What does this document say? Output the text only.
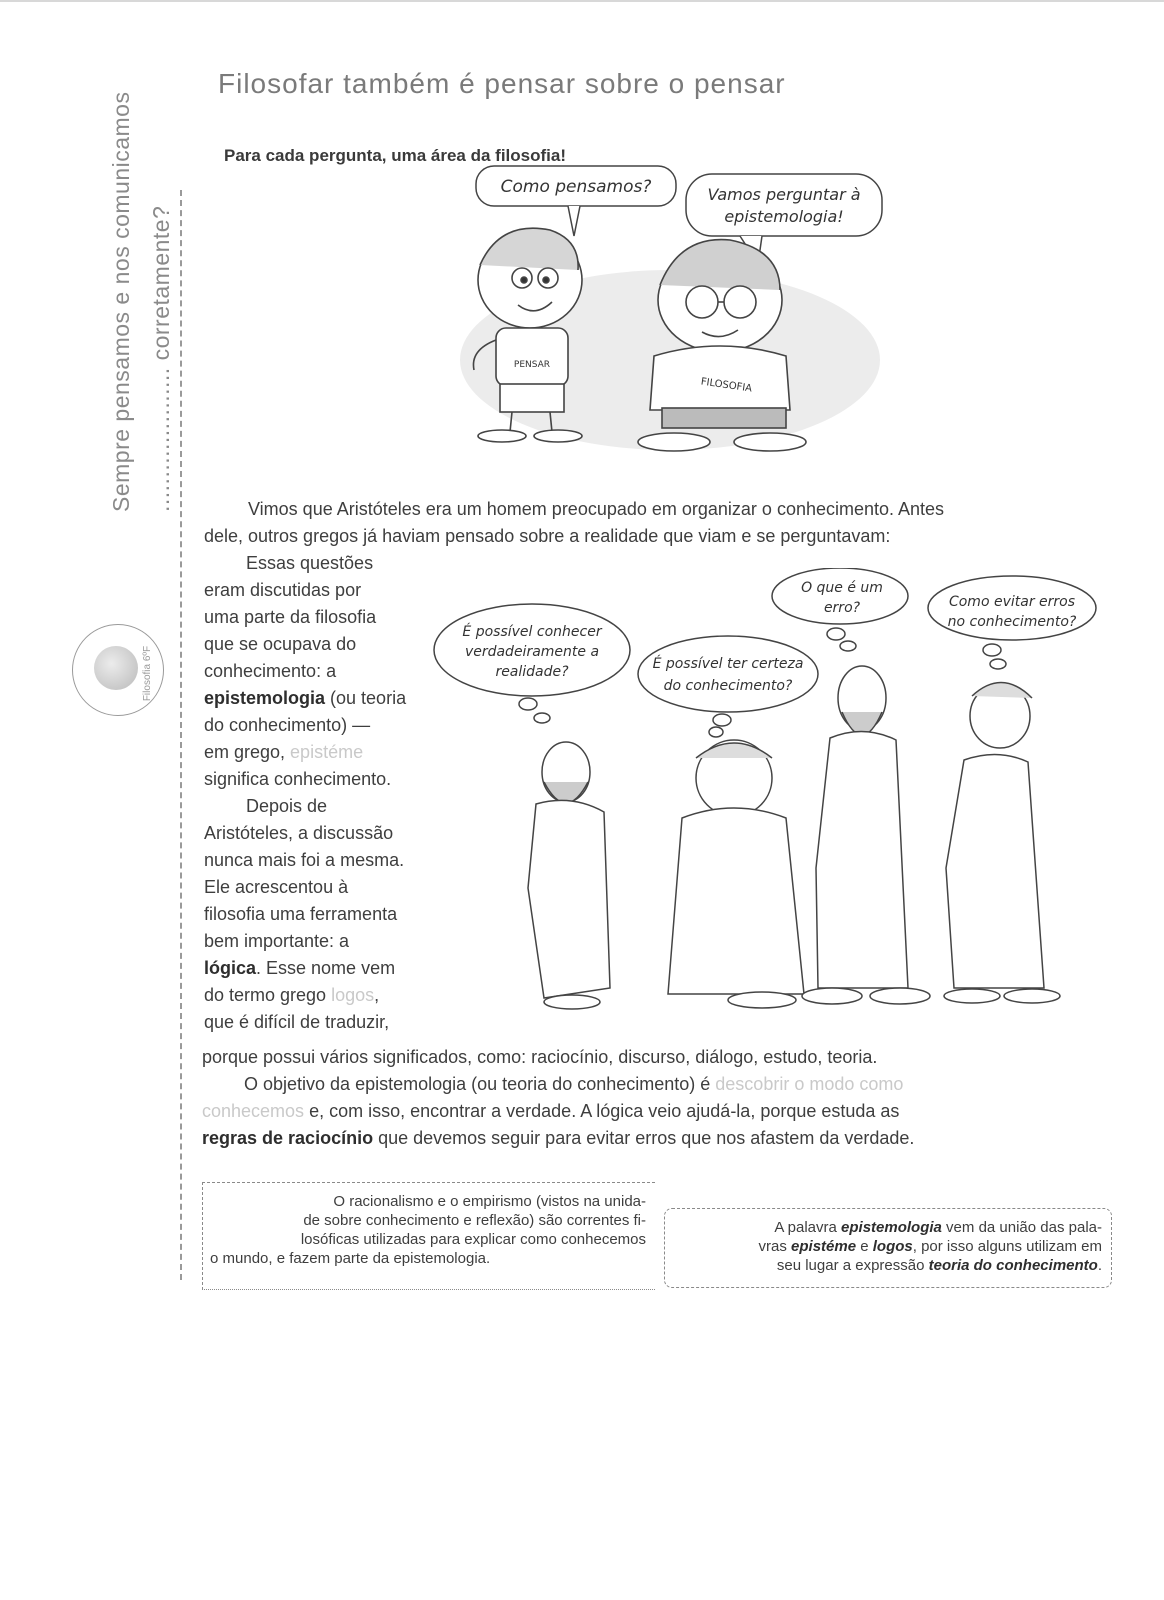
Sempre pensamos e nos comunicamos ..................... corretamente?
Filosofia 6ºF
Filosofar também é pensar sobre o pensar
Para cada pergunta, uma área da filosofia!
Como pensamos?	Vamos perguntar à
epistemologia!
PENSAR
FILOSOFIA
Vimos que Aristóteles era um homem preocupado em organizar o conhecimento. Antes
dele, outros gregos já haviam pensado sobre a realidade que viam e se perguntavam:
Essas questões
eram discutidas por
uma parte da filosofia
que se ocupava do
conhecimento: a
epistemologia (ou teoria
do conhecimento) —
em grego, epistéme
significa conhecimento.
Depois de
Aristóteles, a discussão
nunca mais foi a mesma.
Ele acrescentou à
filosofia uma ferramenta
bem importante: a
lógica. Esse nome vem
do termo grego logos,
que é difícil de traduzir,
É possível conhecer
verdadeiramente a
realidade?	É possível ter certeza
do conhecimento?
O que é um
erro?	Como evitar erros
no conhecimento?
porque possui vários significados, como: raciocínio, discurso, diálogo, estudo, teoria.
O objetivo da epistemologia (ou teoria do conhecimento) é descobrir o modo como
conhecemos e, com isso, encontrar a verdade. A lógica veio ajudá-la, porque estuda as
regras de raciocínio que devemos seguir para evitar erros que nos afastem da verdade.
O racionalismo e o empirismo (vistos na unida-
de sobre conhecimento e reflexão) são correntes fi-
losóficas utilizadas para explicar como conhecemos
o mundo, e fazem parte da epistemologia.
A palavra epistemologia vem da união das pala-
vras epistéme e logos, por isso alguns utilizam em
seu lugar a expressão teoria do conhecimento.
